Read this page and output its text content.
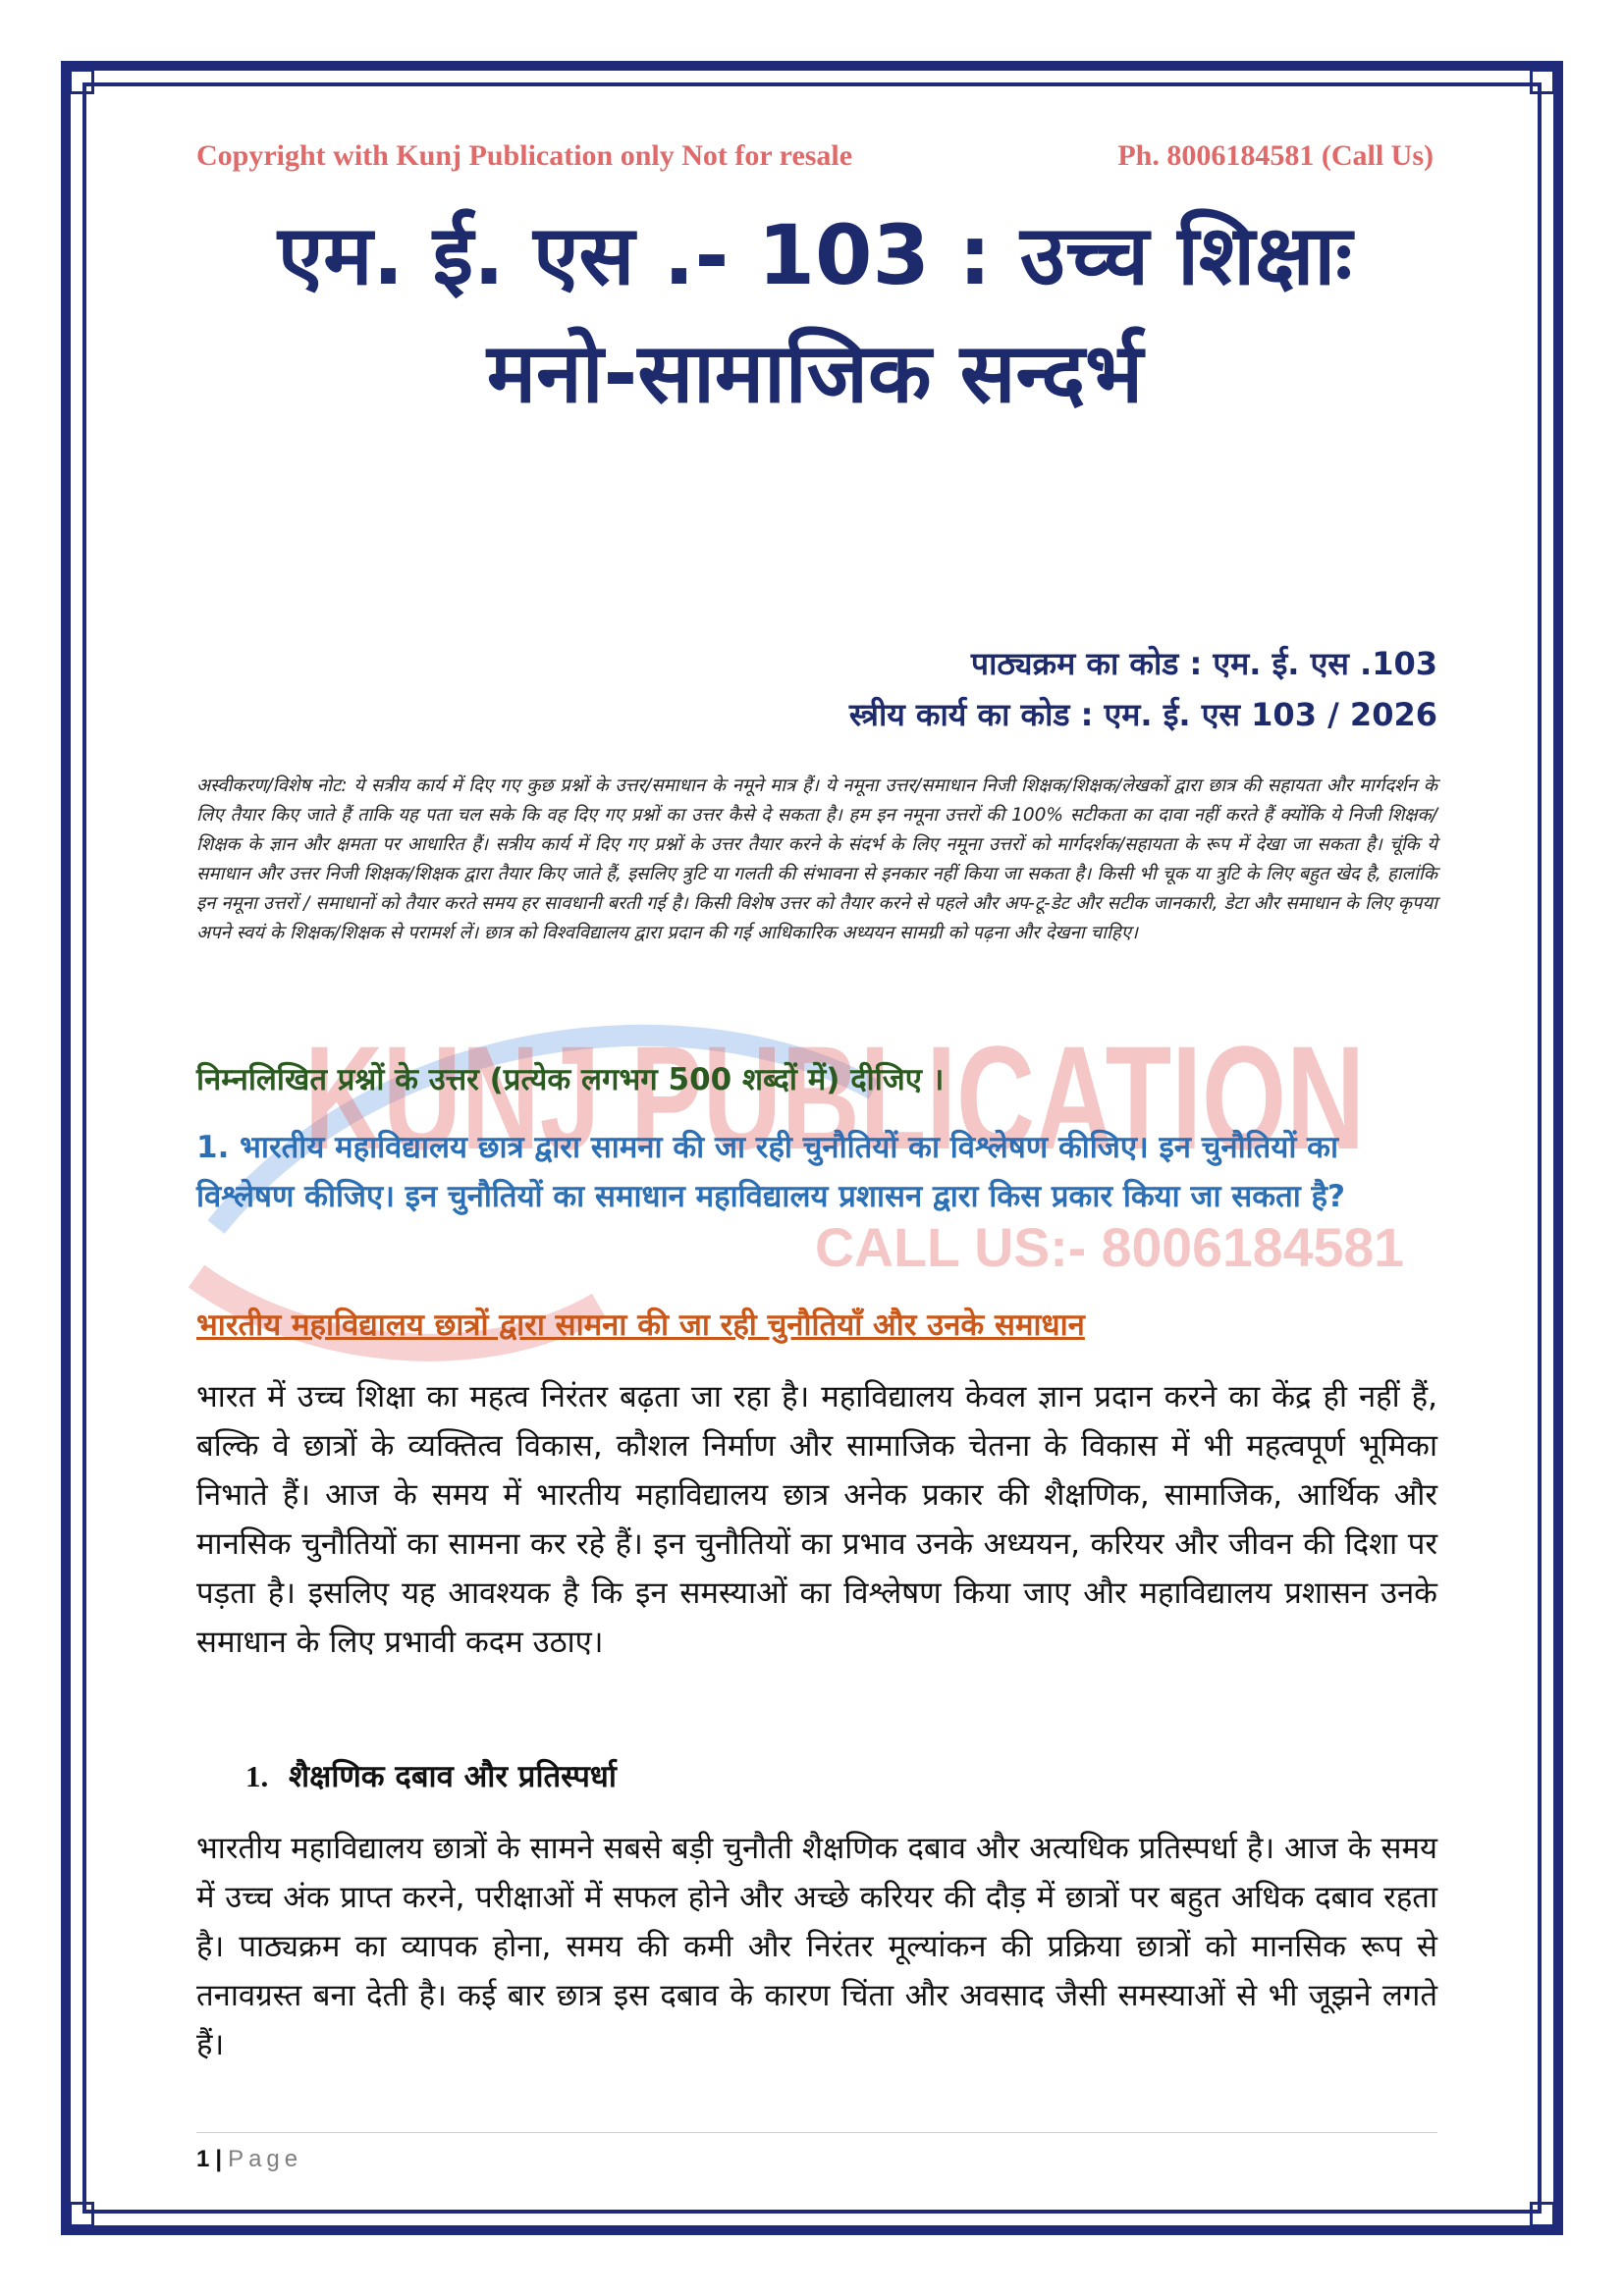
KUNJ PUBLICATION
CALL US:- 8006184581
Copyright with Kunj Publication only Not for resale	Ph. 8006184581 (Call Us)
एम. ई. एस .- 103 : उच्च शिक्षाः
मनो-सामाजिक सन्दर्भ
पाठ्यक्रम का कोड : एम. ई. एस .103
स्त्रीय कार्य का कोड : एम. ई. एस 103 / 2026
अस्वीकरण/विशेष नोट: ये सत्रीय कार्य में दिए गए कुछ प्रश्नों के उत्तर/समाधान के नमूने मात्र हैं। ये नमूना उत्तर/समाधान निजी शिक्षक/शिक्षक/लेखकों द्वारा छात्र की सहायता और मार्गदर्शन के लिए तैयार किए जाते हैं ताकि यह पता चल सके कि वह दिए गए प्रश्नों का उत्तर कैसे दे सकता है। हम इन नमूना उत्तरों की 100% सटीकता का दावा नहीं करते हैं क्योंकि ये निजी शिक्षक/शिक्षक के ज्ञान और क्षमता पर आधारित हैं। सत्रीय कार्य में दिए गए प्रश्नों के उत्तर तैयार करने के संदर्भ के लिए नमूना उत्तरों को मार्गदर्शक/सहायता के रूप में देखा जा सकता है। चूंकि ये समाधान और उत्तर निजी शिक्षक/शिक्षक द्वारा तैयार किए जाते हैं, इसलिए त्रुटि या गलती की संभावना से इनकार नहीं किया जा सकता है। किसी भी चूक या त्रुटि के लिए बहुत खेद है, हालांकि इन नमूना उत्तरों / समाधानों को तैयार करते समय हर सावधानी बरती गई है। किसी विशेष उत्तर को तैयार करने से पहले और अप-टू-डेट और सटीक जानकारी, डेटा और समाधान के लिए कृपया अपने स्वयं के शिक्षक/शिक्षक से परामर्श लें। छात्र को विश्वविद्यालय द्वारा प्रदान की गई आधिकारिक अध्ययन सामग्री को पढ़ना और देखना चाहिए।
निम्नलिखित प्रश्नों के उत्तर (प्रत्येक लगभग 500 शब्दों में) दीजिए ।
1. भारतीय महाविद्यालय छात्र द्वारा सामना की जा रही चुनौतियों का विश्लेषण कीजिए। इन चुनौतियों का विश्लेषण कीजिए। इन चुनौतियों का समाधान महाविद्यालय प्रशासन द्वारा किस प्रकार किया जा सकता है?
भारतीय महाविद्यालय छात्रों द्वारा सामना की जा रही चुनौतियाँ और उनके समाधान
भारत में उच्च शिक्षा का महत्व निरंतर बढ़ता जा रहा है। महाविद्यालय केवल ज्ञान प्रदान करने का केंद्र ही नहीं हैं, बल्कि वे छात्रों के व्यक्तित्व विकास, कौशल निर्माण और सामाजिक चेतना के विकास में भी महत्वपूर्ण भूमिका निभाते हैं। आज के समय में भारतीय महाविद्यालय छात्र अनेक प्रकार की शैक्षणिक, सामाजिक, आर्थिक और मानसिक चुनौतियों का सामना कर रहे हैं। इन चुनौतियों का प्रभाव उनके अध्ययन, करियर और जीवन की दिशा पर पड़ता है। इसलिए यह आवश्यक है कि इन समस्याओं का विश्लेषण किया जाए और महाविद्यालय प्रशासन उनके समाधान के लिए प्रभावी कदम उठाए।
1. शैक्षणिक दबाव और प्रतिस्पर्धा
भारतीय महाविद्यालय छात्रों के सामने सबसे बड़ी चुनौती शैक्षणिक दबाव और अत्यधिक प्रतिस्पर्धा है। आज के समय में उच्च अंक प्राप्त करने, परीक्षाओं में सफल होने और अच्छे करियर की दौड़ में छात्रों पर बहुत अधिक दबाव रहता है। पाठ्यक्रम का व्यापक होना, समय की कमी और निरंतर मूल्यांकन की प्रक्रिया छात्रों को मानसिक रूप से तनावग्रस्त बना देती है। कई बार छात्र इस दबाव के कारण चिंता और अवसाद जैसी समस्याओं से भी जूझने लगते हैं।
1 | Page
